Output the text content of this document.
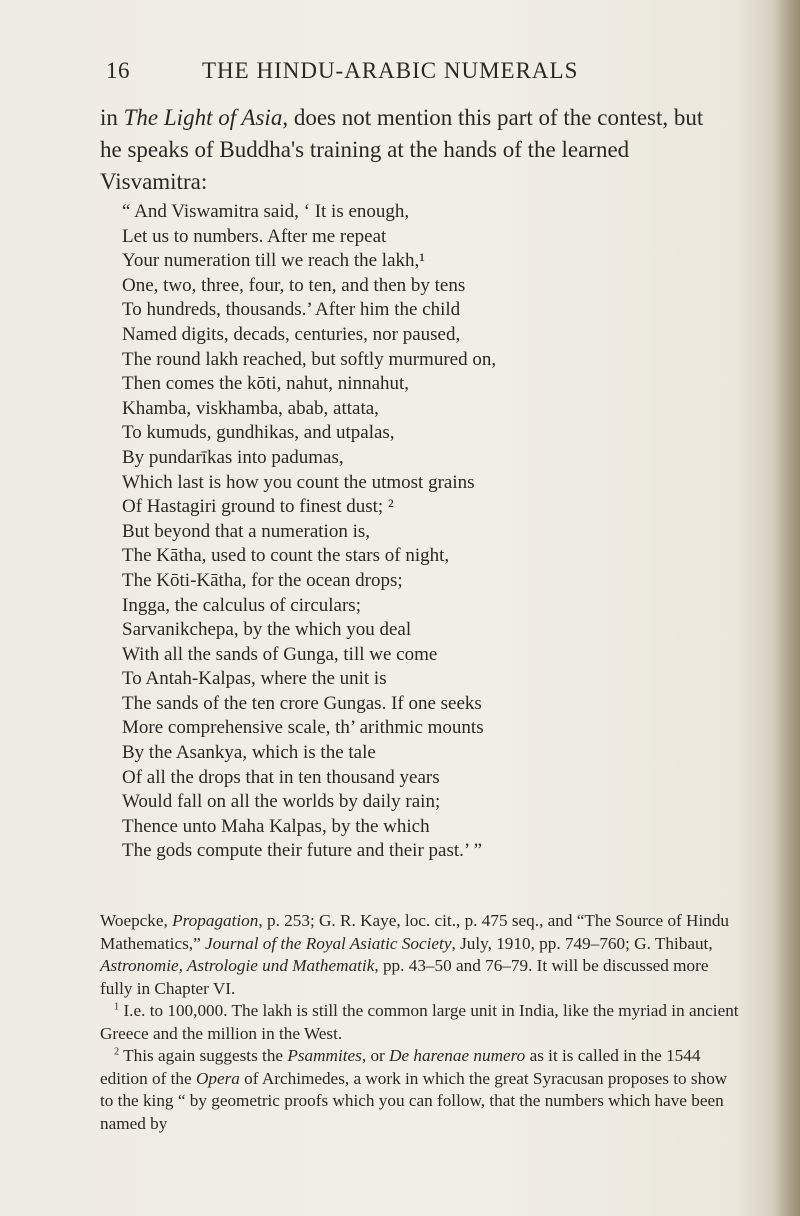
16	THE HINDU-ARABIC NUMERALS

in The Light of Asia, does not mention this part of the contest, but he speaks of Buddha's training at the hands of the learned Visvamitra:

“ And Viswamitra said, ‘ It is enough,
Let us to numbers. After me repeat
Your numeration till we reach the lakh,¹
One, two, three, four, to ten, and then by tens
To hundreds, thousands.’ After him the child
Named digits, decads, centuries, nor paused,
The round lakh reached, but softly murmured on,
Then comes the kōti, nahut, ninnahut,
Khamba, viskhamba, abab, attata,
To kumuds, gundhikas, and utpalas,
By pundarīkas into padumas,
Which last is how you count the utmost grains
Of Hastagiri ground to finest dust; ²
But beyond that a numeration is,
The Kātha, used to count the stars of night,
The Kōti-Kātha, for the ocean drops;
Ingga, the calculus of circulars;
Sarvanikchepa, by the which you deal
With all the sands of Gunga, till we come
To Antah-Kalpas, where the unit is
The sands of the ten crore Gungas. If one seeks
More comprehensive scale, th’ arithmic mounts
By the Asankya, which is the tale
Of all the drops that in ten thousand years
Would fall on all the worlds by daily rain;
Thence unto Maha Kalpas, by the which
The gods compute their future and their past.’ ”

Woepcke, Propagation, p. 253; G. R. Kaye, loc. cit., p. 475 seq., and “The Source of Hindu Mathematics,” Journal of the Royal Asiatic Society, July, 1910, pp. 749–760; G. Thibaut, Astronomie, Astrologie und Mathematik, pp. 43–50 and 76–79. It will be discussed more fully in Chapter VI.

$^1$ I.e. to 100,000. The lakh is still the common large unit in India, like the myriad in ancient Greece and the million in the West.

$^2$ This again suggests the Psammites, or De harenae numero as it is called in the 1544 edition of the Opera of Archimedes, a work in which the great Syracusan proposes to show to the king “ by geometric proofs which you can follow, that the numbers which have been named by
